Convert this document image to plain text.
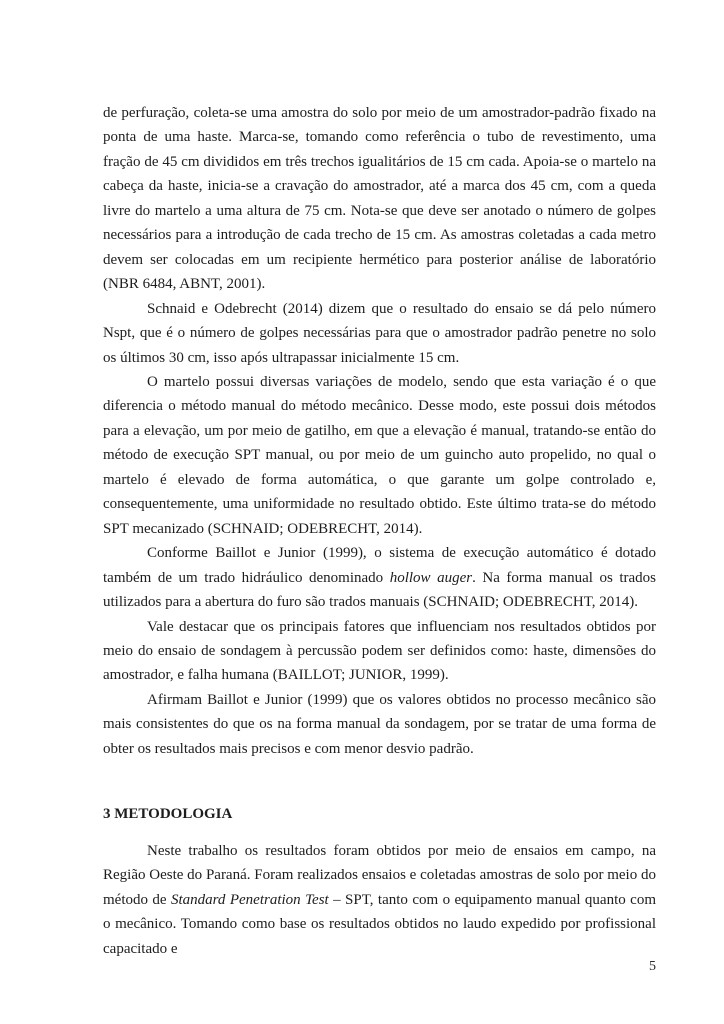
de perfuração, coleta-se uma amostra do solo por meio de um amostrador-padrão fixado na ponta de uma haste. Marca-se, tomando como referência o tubo de revestimento, uma fração de 45 cm divididos em três trechos igualitários de 15 cm cada. Apoia-se o martelo na cabeça da haste, inicia-se a cravação do amostrador, até a marca dos 45 cm, com a queda livre do martelo a uma altura de 75 cm. Nota-se que deve ser anotado o número de golpes necessários para a introdução de cada trecho de 15 cm. As amostras coletadas a cada metro devem ser colocadas em um recipiente hermético para posterior análise de laboratório (NBR 6484, ABNT, 2001).

Schnaid e Odebrecht (2014) dizem que o resultado do ensaio se dá pelo número Nspt, que é o número de golpes necessárias para que o amostrador padrão penetre no solo os últimos 30 cm, isso após ultrapassar inicialmente 15 cm.

O martelo possui diversas variações de modelo, sendo que esta variação é o que diferencia o método manual do método mecânico. Desse modo, este possui dois métodos para a elevação, um por meio de gatilho, em que a elevação é manual, tratando-se então do método de execução SPT manual, ou por meio de um guincho auto propelido, no qual o martelo é elevado de forma automática, o que garante um golpe controlado e, consequentemente, uma uniformidade no resultado obtido. Este último trata-se do método SPT mecanizado (SCHNAID; ODEBRECHT, 2014).

Conforme Baillot e Junior (1999), o sistema de execução automático é dotado também de um trado hidráulico denominado hollow auger. Na forma manual os trados utilizados para a abertura do furo são trados manuais (SCHNAID; ODEBRECHT, 2014).

Vale destacar que os principais fatores que influenciam nos resultados obtidos por meio do ensaio de sondagem à percussão podem ser definidos como: haste, dimensões do amostrador, e falha humana (BAILLOT; JUNIOR, 1999).

Afirmam Baillot e Junior (1999) que os valores obtidos no processo mecânico são mais consistentes do que os na forma manual da sondagem, por se tratar de uma forma de obter os resultados mais precisos e com menor desvio padrão.

3 METODOLOGIA

Neste trabalho os resultados foram obtidos por meio de ensaios em campo, na Região Oeste do Paraná. Foram realizados ensaios e coletadas amostras de solo por meio do método de Standard Penetration Test – SPT, tanto com o equipamento manual quanto com o mecânico. Tomando como base os resultados obtidos no laudo expedido por profissional capacitado e

5
